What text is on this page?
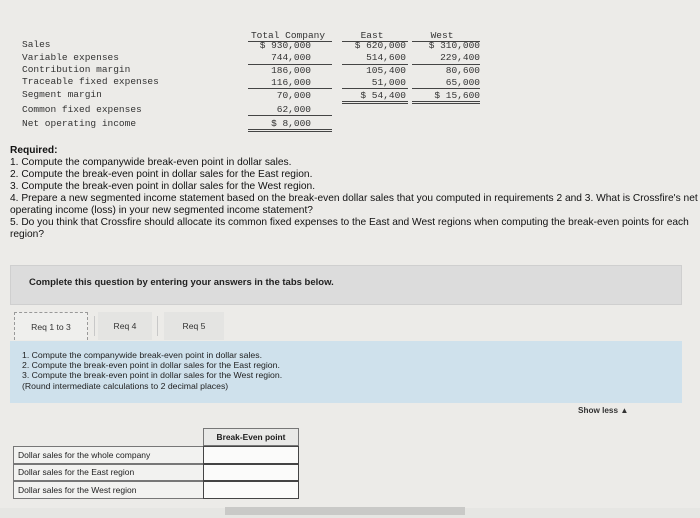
Total Company	East	West
Sales	$ 930,000	$ 620,000	$ 310,000
Variable expenses	744,000	514,600	229,400
Contribution margin	186,000	105,400	80,600
Traceable fixed expenses	116,000	51,000	65,000
Segment margin	70,000	$ 54,400	$ 15,600
Common fixed expenses	62,000
Net operating income	$ 8,000

Required:

1. Compute the companywide break-even point in dollar sales.

2. Compute the break-even point in dollar sales for the East region.

3. Compute the break-even point in dollar sales for the West region.

4. Prepare a new segmented income statement based on the break-even dollar sales that you computed in requirements 2 and 3. What is Crossfire's net operating income (loss) in your new segmented income statement?

5. Do you think that Crossfire should allocate its common fixed expenses to the East and West regions when computing the break-even points for each region?

Complete this question by entering your answers in the tabs below.
Req 1 to 3	Req 4	Req 5
1. Compute the companywide break-even point in dollar sales.
2. Compute the break-even point in dollar sales for the East region.
3. Compute the break-even point in dollar sales for the West region.
(Round intermediate calculations to 2 decimal places)
Show less ▲
Break-Even point
Dollar sales for the whole company
Dollar sales for the East region
Dollar sales for the West region
